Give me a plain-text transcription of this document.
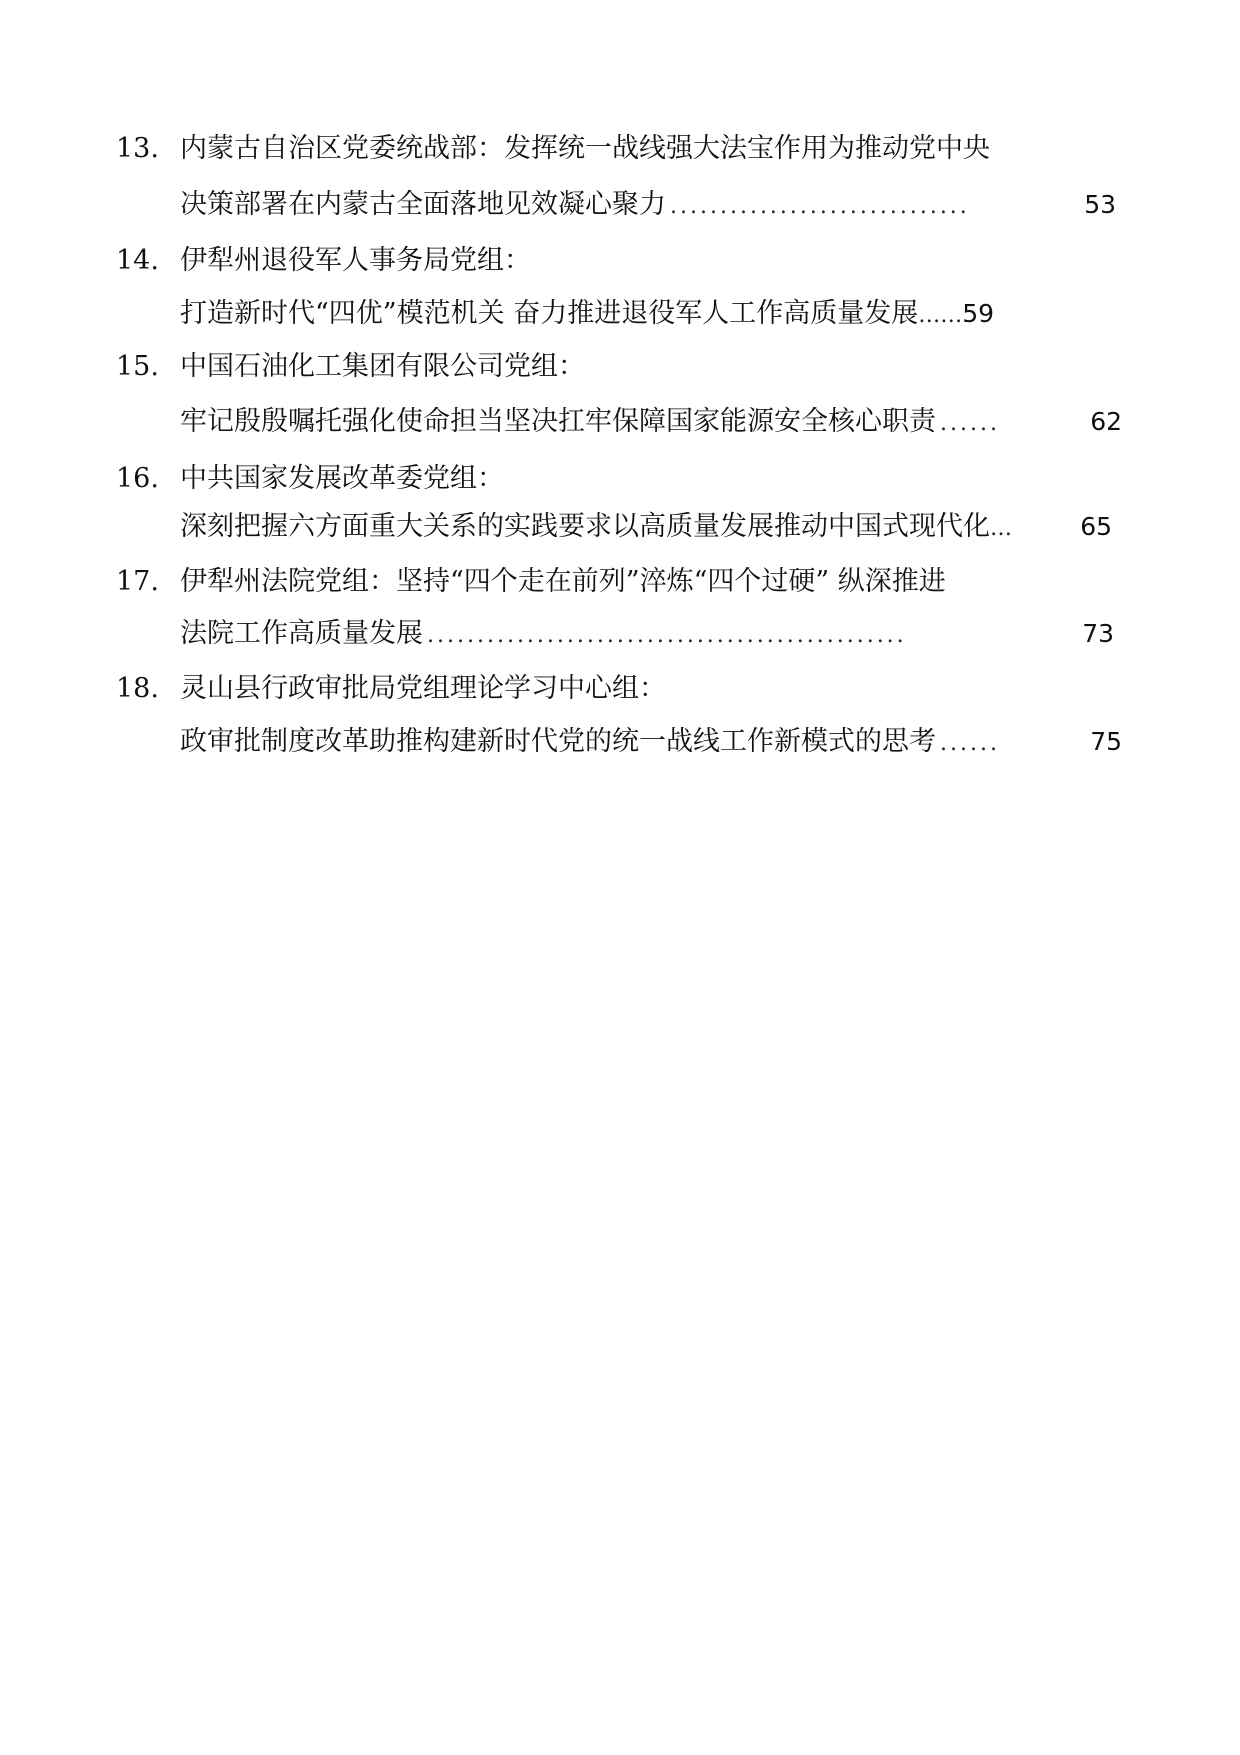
13. 内蒙古自治区党委统战部：发挥统一战线强大法宝作用为推动党中央
决策部署在内蒙古全面落地见效凝心聚力 ..............................	53
14. 伊犁州退役军人事务局党组：
打造新时代“四优”模范机关 奋力推进退役军人工作高质量发展 …… 59
15. 中国石油化工集团有限公司党组：
牢记殷殷嘱托强化使命担当坚决扛牢保障国家能源安全核心职责 ......	62
16. 中共国家发展改革委党组：
深刻把握六方面重大关系的实践要求以高质量发展推动中国式现代化 …	65
17. 伊犁州法院党组：坚持“四个走在前列”淬炼“四个过硬” 纵深推进
法院工作高质量发展 ................................................	73
18. 灵山县行政审批局党组理论学习中心组：
政审批制度改革助推构建新时代党的统一战线工作新模式的思考 ......	75
